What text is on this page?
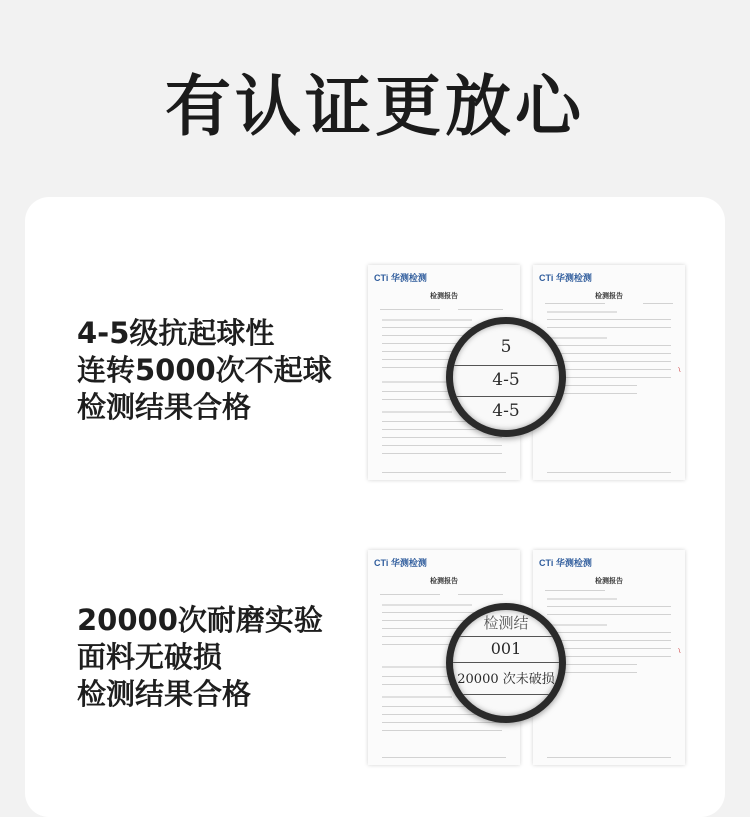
有认证更放心
4-5级抗起球性
连转5000次不起球
检测结果合格
20000次耐磨实验
面料无破损
检测结果合格
CTi 华测检测
检测报告
CTi 华测检测
检测报告
~
5
4-5
4-5
CTi 华测检测
检测报告
CTi 华测检测
检测报告
~
检测结
001
20000 次未破损
